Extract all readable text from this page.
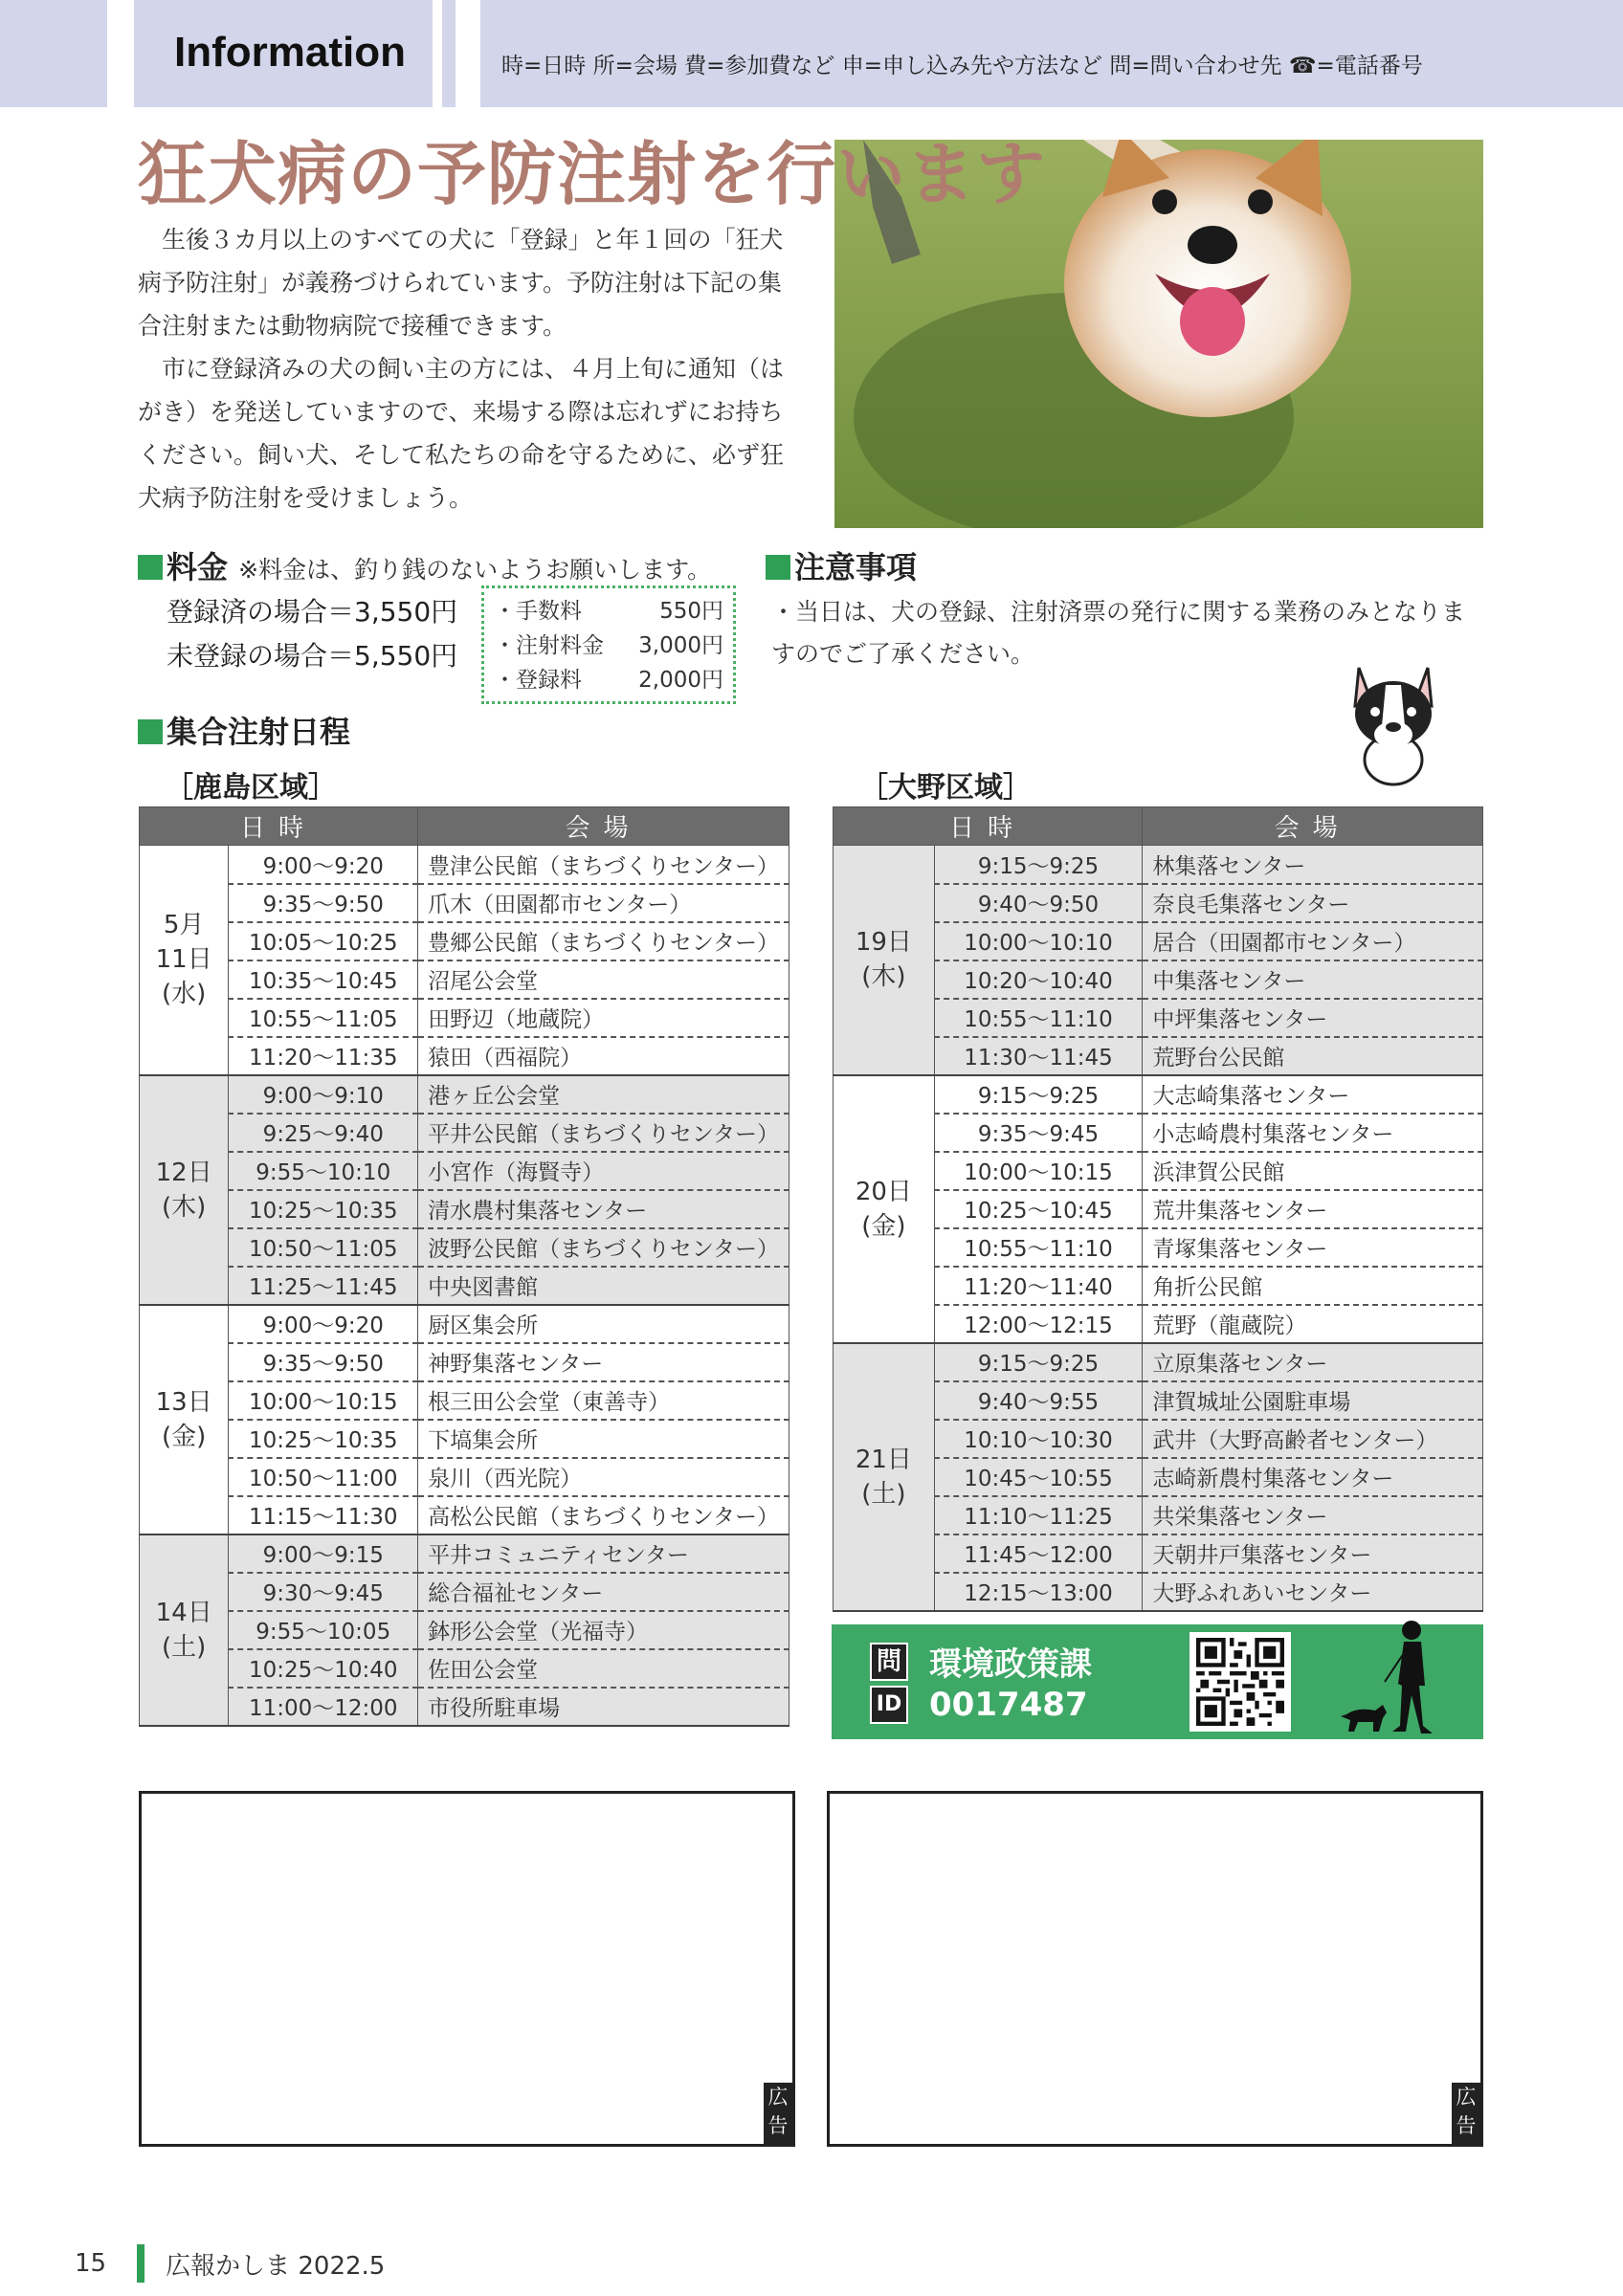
Information	時=日時 所=会場 費=参加費など 申=申し込み先や方法など 問=問い合わせ先 ☎=電話番号
狂犬病の予防注射を行います

生後３カ月以上のすべての犬に「登録」と年１回の「狂犬病予防注射」が義務づけられています。予防注射は下記の集合注射または動物病院で接種できます。

市に登録済みの犬の飼い主の方には、４月上旬に通知（はがき）を発送していますので、来場する際は忘れずにお持ちください。飼い犬、そして私たちの命を守るために、必ず狂犬病予防注射を受けましょう。

料金 ※料金は、釣り銭のないようお願いします。
登録済の場合＝3,550円
未登録の場合＝5,550円
・手数料	550円
・注射料金 3,000円
・登録料	2,000円
注意事項
・当日は、犬の登録、注射済票の発行に関する業務のみとなりますのでご了承ください。
集合注射日程
［鹿島区域］	［大野区域］
日時		会場

5月
11日
(水)	9:00～9:20	豊津公民館（まちづくりセンター）
	9:35～9:50	爪木（田園都市センター）
	10:05～10:25	豊郷公民館（まちづくりセンター）
	10:35～10:45	沼尾公会堂
	10:55～11:05	田野辺（地蔵院）
	11:20～11:35	猿田（西福院）

12日
(木)	9:00～9:10	港ヶ丘公会堂
	9:25～9:40	平井公民館（まちづくりセンター）
	9:55～10:10	小宮作（海賢寺）
	10:25～10:35	清水農村集落センター
	10:50～11:05	波野公民館（まちづくりセンター）
	11:25～11:45	中央図書館

13日
(金)	9:00～9:20	厨区集会所
	9:35～9:50	神野集落センター
	10:00～10:15	根三田公会堂（東善寺）
	10:25～10:35	下塙集会所
	10:50～11:00	泉川（西光院）
	11:15～11:30	高松公民館（まちづくりセンター）

14日
(土)	9:00～9:15	平井コミュニティセンター
	9:30～9:45	総合福祉センター
	9:55～10:05	鉢形公会堂（光福寺）
	10:25～10:40	佐田公会堂
	11:00～12:00	市役所駐車場
日時		会場

19日
(木)	9:15～9:25	林集落センター
	9:40～9:50	奈良毛集落センター
	10:00～10:10	居合（田園都市センター）
	10:20～10:40	中集落センター
	10:55～11:10	中坪集落センター
	11:30～11:45	荒野台公民館

20日
(金)	9:15～9:25	大志崎集落センター
	9:35～9:45	小志崎農村集落センター
	10:00～10:15	浜津賀公民館
	10:25～10:45	荒井集落センター
	10:55～11:10	青塚集落センター
	11:20～11:40	角折公民館
	12:00～12:15	荒野（龍蔵院）

21日
(土)	9:15～9:25	立原集落センター
	9:40～9:55	津賀城址公園駐車場
	10:10～10:30	武井（大野高齢者センター）
	10:45～10:55	志崎新農村集落センター
	11:10～11:25	共栄集落センター
	11:45～12:00	天朝井戸集落センター
	12:15～13:00	大野ふれあいセンター
問 環境政策課
ID 0017487
広告
広告
15 広報かしま 2022.5
